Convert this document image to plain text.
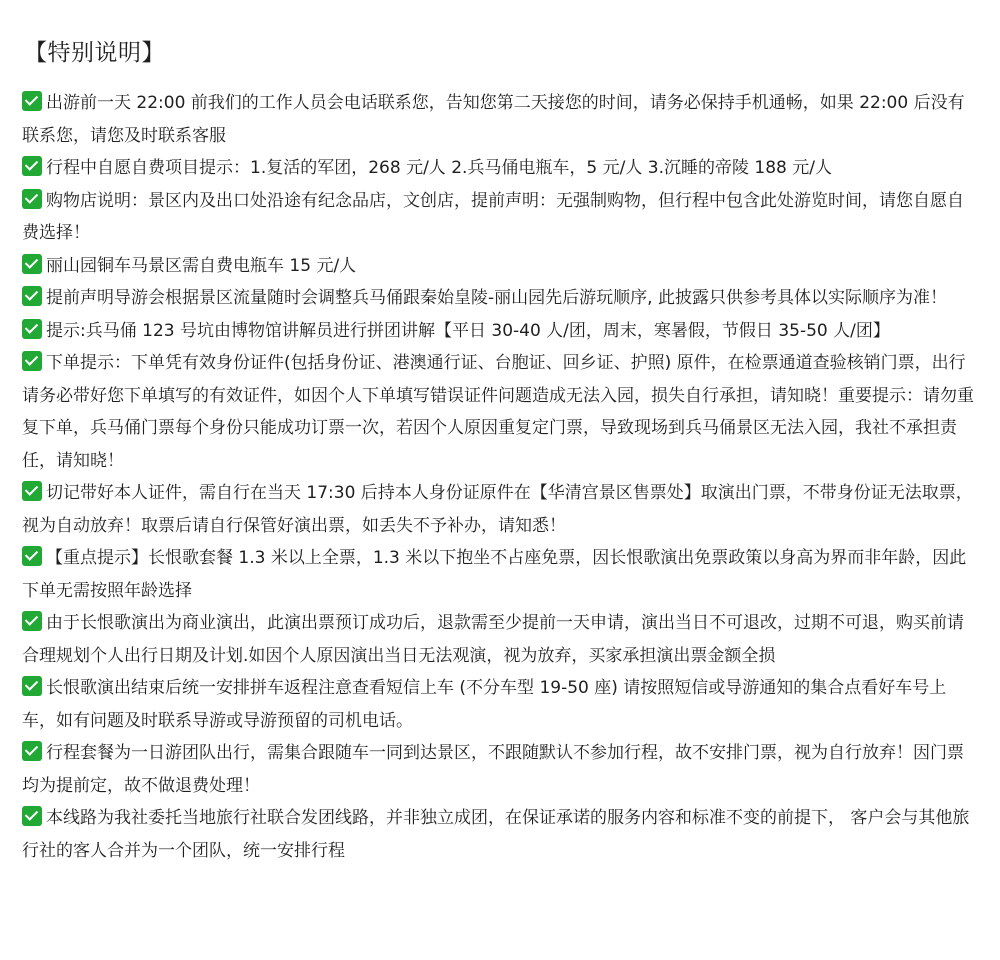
【特别说明】
出游前一天 22:00 前我们的工作人员会电话联系您，告知您第二天接您的时间，请务必保持手机通畅，如果 22:00 后没有联系您，请您及时联系客服
行程中自愿自费项目提示：1.复活的军团，268 元/人 2.兵马俑电瓶车，5 元/人 3.沉睡的帝陵 188 元/人
购物店说明：景区内及出口处沿途有纪念品店，文创店，提前声明：无强制购物，但行程中包含此处游览时间，请您自愿自费选择！
丽山园铜车马景区需自费电瓶车 15 元/人
提前声明导游会根据景区流量随时会调整兵马俑跟秦始皇陵-丽山园先后游玩顺序, 此披露只供参考具体以实际顺序为准！
提示:兵马俑 123 号坑由博物馆讲解员进行拼团讲解【平日 30-40 人/团，周末，寒暑假，节假日 35-50 人/团】
下单提示：下单凭有效身份证件(包括身份证、港澳通行证、台胞证、回乡证、护照) 原件，在检票通道查验核销门票，出行请务必带好您下单填写的有效证件，如因个人下单填写错误证件问题造成无法入园，损失自行承担，请知晓！重要提示：请勿重复下单，兵马俑门票每个身份只能成功订票一次，若因个人原因重复定门票，导致现场到兵马俑景区无法入园，我社不承担责任，请知晓！
切记带好本人证件，需自行在当天 17:30 后持本人身份证原件在【华清宫景区售票处】取演出门票，不带身份证无法取票，视为自动放弃！取票后请自行保管好演出票，如丢失不予补办，请知悉！
【重点提示】长恨歌套餐 1.3 米以上全票，1.3 米以下抱坐不占座免票，因长恨歌演出免票政策以身高为界而非年龄，因此下单无需按照年龄选择
由于长恨歌演出为商业演出，此演出票预订成功后，退款需至少提前一天申请，演出当日不可退改，过期不可退，购买前请合理规划个人出行日期及计划.如因个人原因演出当日无法观演，视为放弃，买家承担演出票金额全损
长恨歌演出结束后统一安排拼车返程注意查看短信上车 (不分车型 19-50 座) 请按照短信或导游通知的集合点看好车号上车，如有问题及时联系导游或导游预留的司机电话。
行程套餐为一日游团队出行，需集合跟随车一同到达景区，不跟随默认不参加行程，故不安排门票，视为自行放弃！因门票均为提前定，故不做退费处理！
本线路为我社委托当地旅行社联合发团线路，并非独立成团，在保证承诺的服务内容和标准不变的前提下， 客户会与其他旅行社的客人合并为一个团队，统一安排行程
